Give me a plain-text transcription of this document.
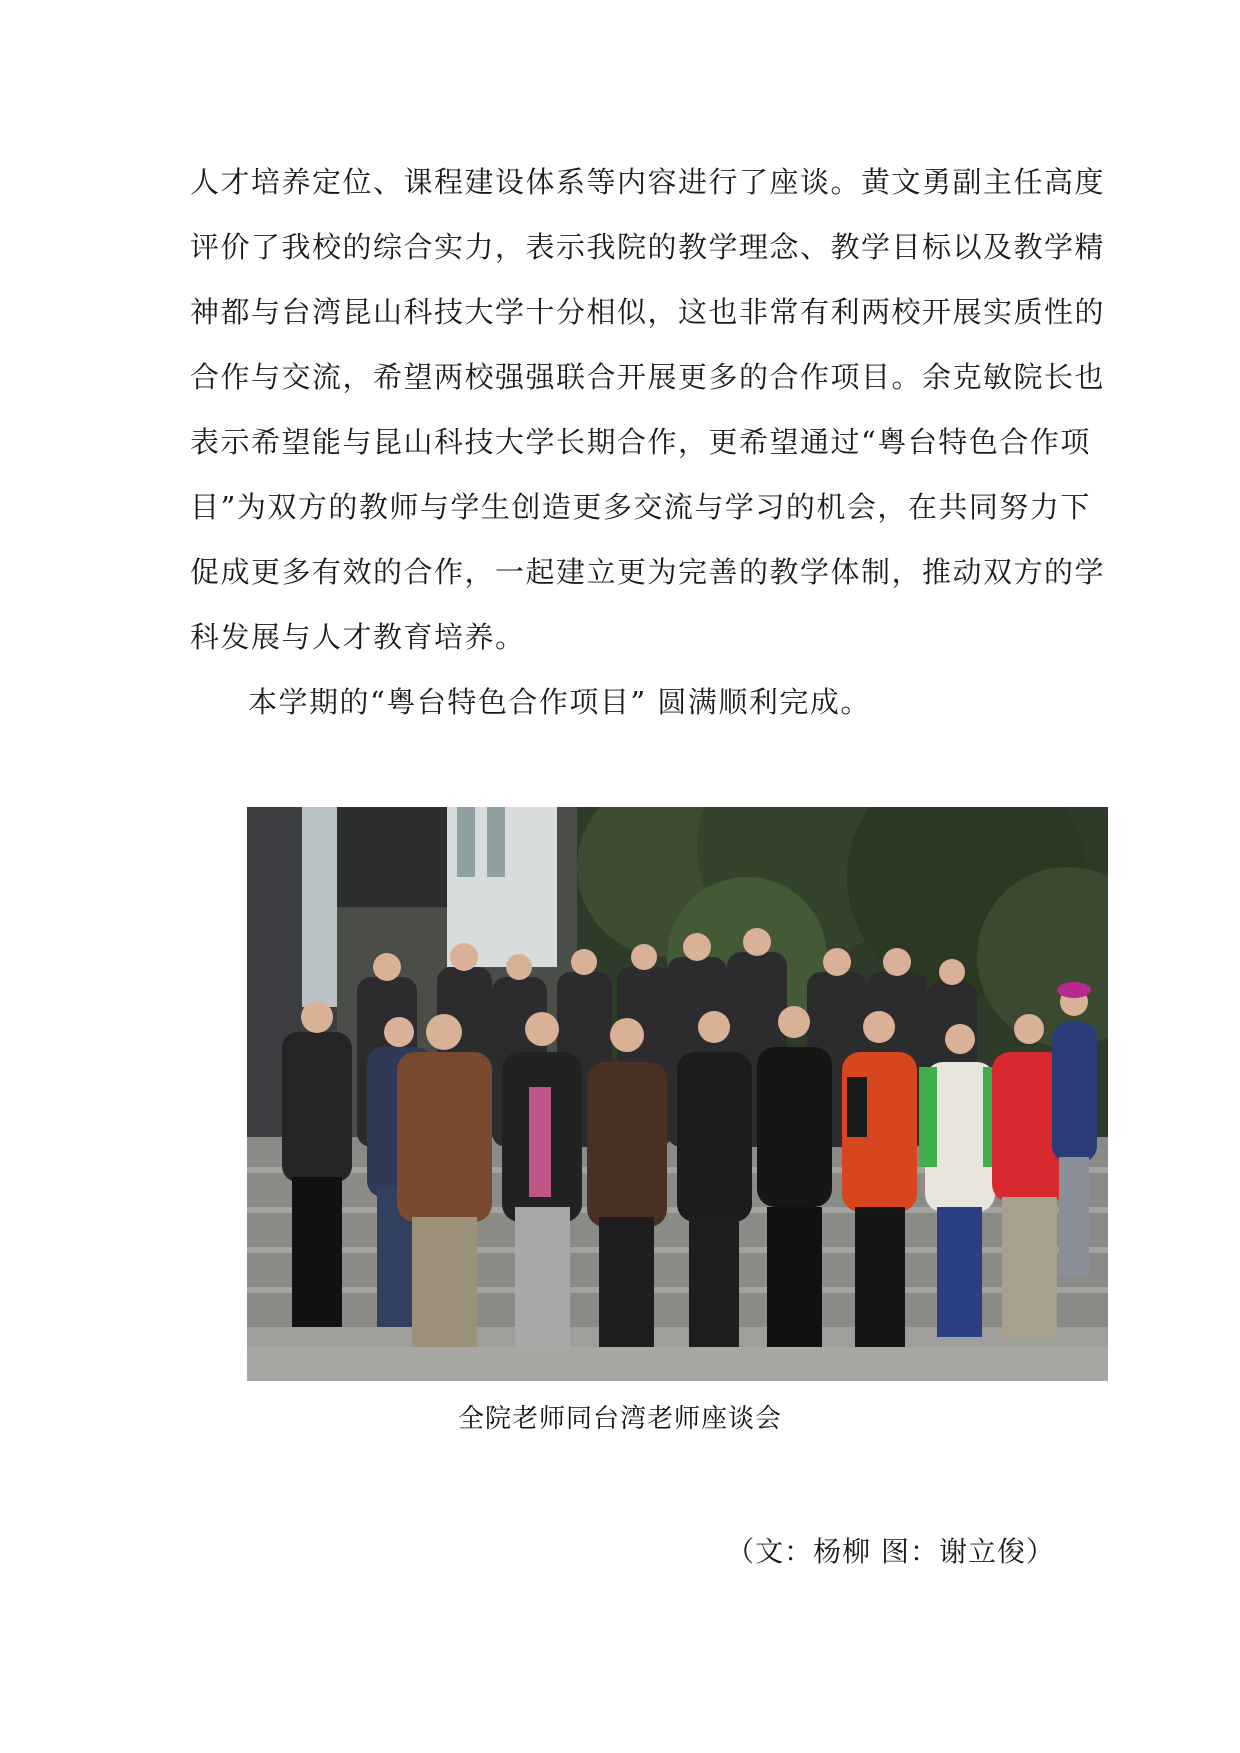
人才培养定位、课程建设体系等内容进行了座谈。黄文勇副主任高度
评价了我校的综合实力，表示我院的教学理念、教学目标以及教学精
神都与台湾昆山科技大学十分相似，这也非常有利两校开展实质性的
合作与交流，希望两校强强联合开展更多的合作项目。余克敏院长也
表示希望能与昆山科技大学长期合作，更希望通过“粤台特色合作项
目”为双方的教师与学生创造更多交流与学习的机会，在共同努力下
促成更多有效的合作，一起建立更为完善的教学体制，推动双方的学
科发展与人才教育培养。
本学期的“粤台特色合作项目” 圆满顺利完成。
全院老师同台湾老师座谈会
（文：杨柳 图：谢立俊）
